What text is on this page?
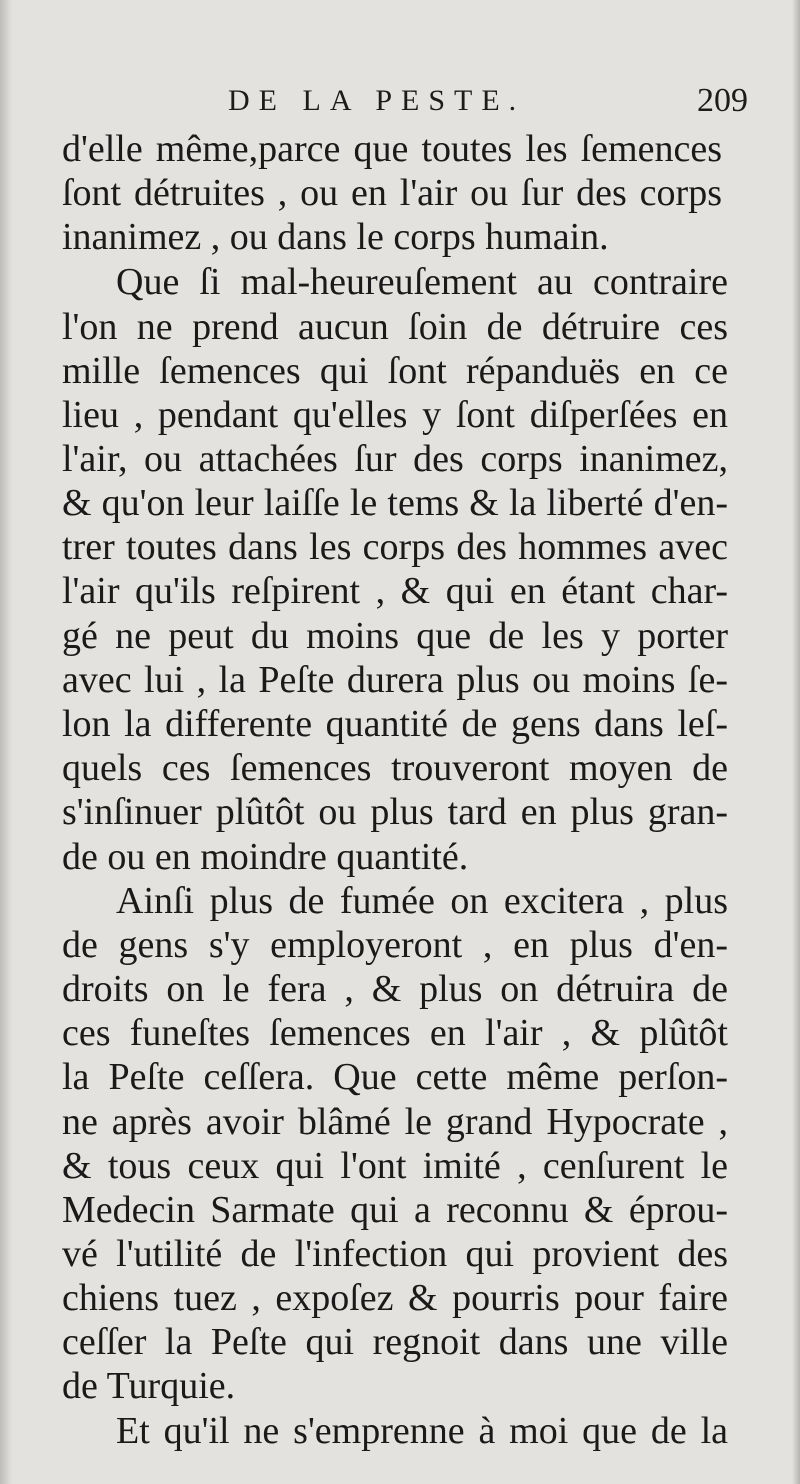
DE LA PESTE.	209
d'elle même,parce que toutes les ſemences
ſont détruites , ou en l'air ou ſur des corps
inanimez , ou dans le corps humain.
Que ſi mal-heureuſement au contraire
l'on ne prend aucun ſoin de détruire ces
mille ſemences qui ſont répanduës en ce
lieu , pendant qu'elles y ſont diſperſées en
l'air, ou attachées ſur des corps inanimez,
& qu'on leur laiſſe le tems & la liberté d'en-
trer toutes dans les corps des hommes avec
l'air qu'ils reſpirent , & qui en étant char-
gé ne peut du moins que de les y porter
avec lui , la Peſte durera plus ou moins ſe-
lon la differente quantité de gens dans leſ-
quels ces ſemences trouveront moyen de
s'inſinuer plûtôt ou plus tard en plus gran-
de ou en moindre quantité.
Ainſi plus de fumée on excitera , plus
de gens s'y employeront , en plus d'en-
droits on le fera , & plus on détruira de
ces funeſtes ſemences en l'air , & plûtôt
la Peſte ceſſera. Que cette même perſon-
ne après avoir blâmé le grand Hypocrate ,
& tous ceux qui l'ont imité , cenſurent le
Medecin Sarmate qui a reconnu & éprou-
vé l'utilité de l'infection qui provient des
chiens tuez , expoſez & pourris pour faire
ceſſer la Peſte qui regnoit dans une ville
de Turquie.
Et qu'il ne s'emprenne à moi que de la
